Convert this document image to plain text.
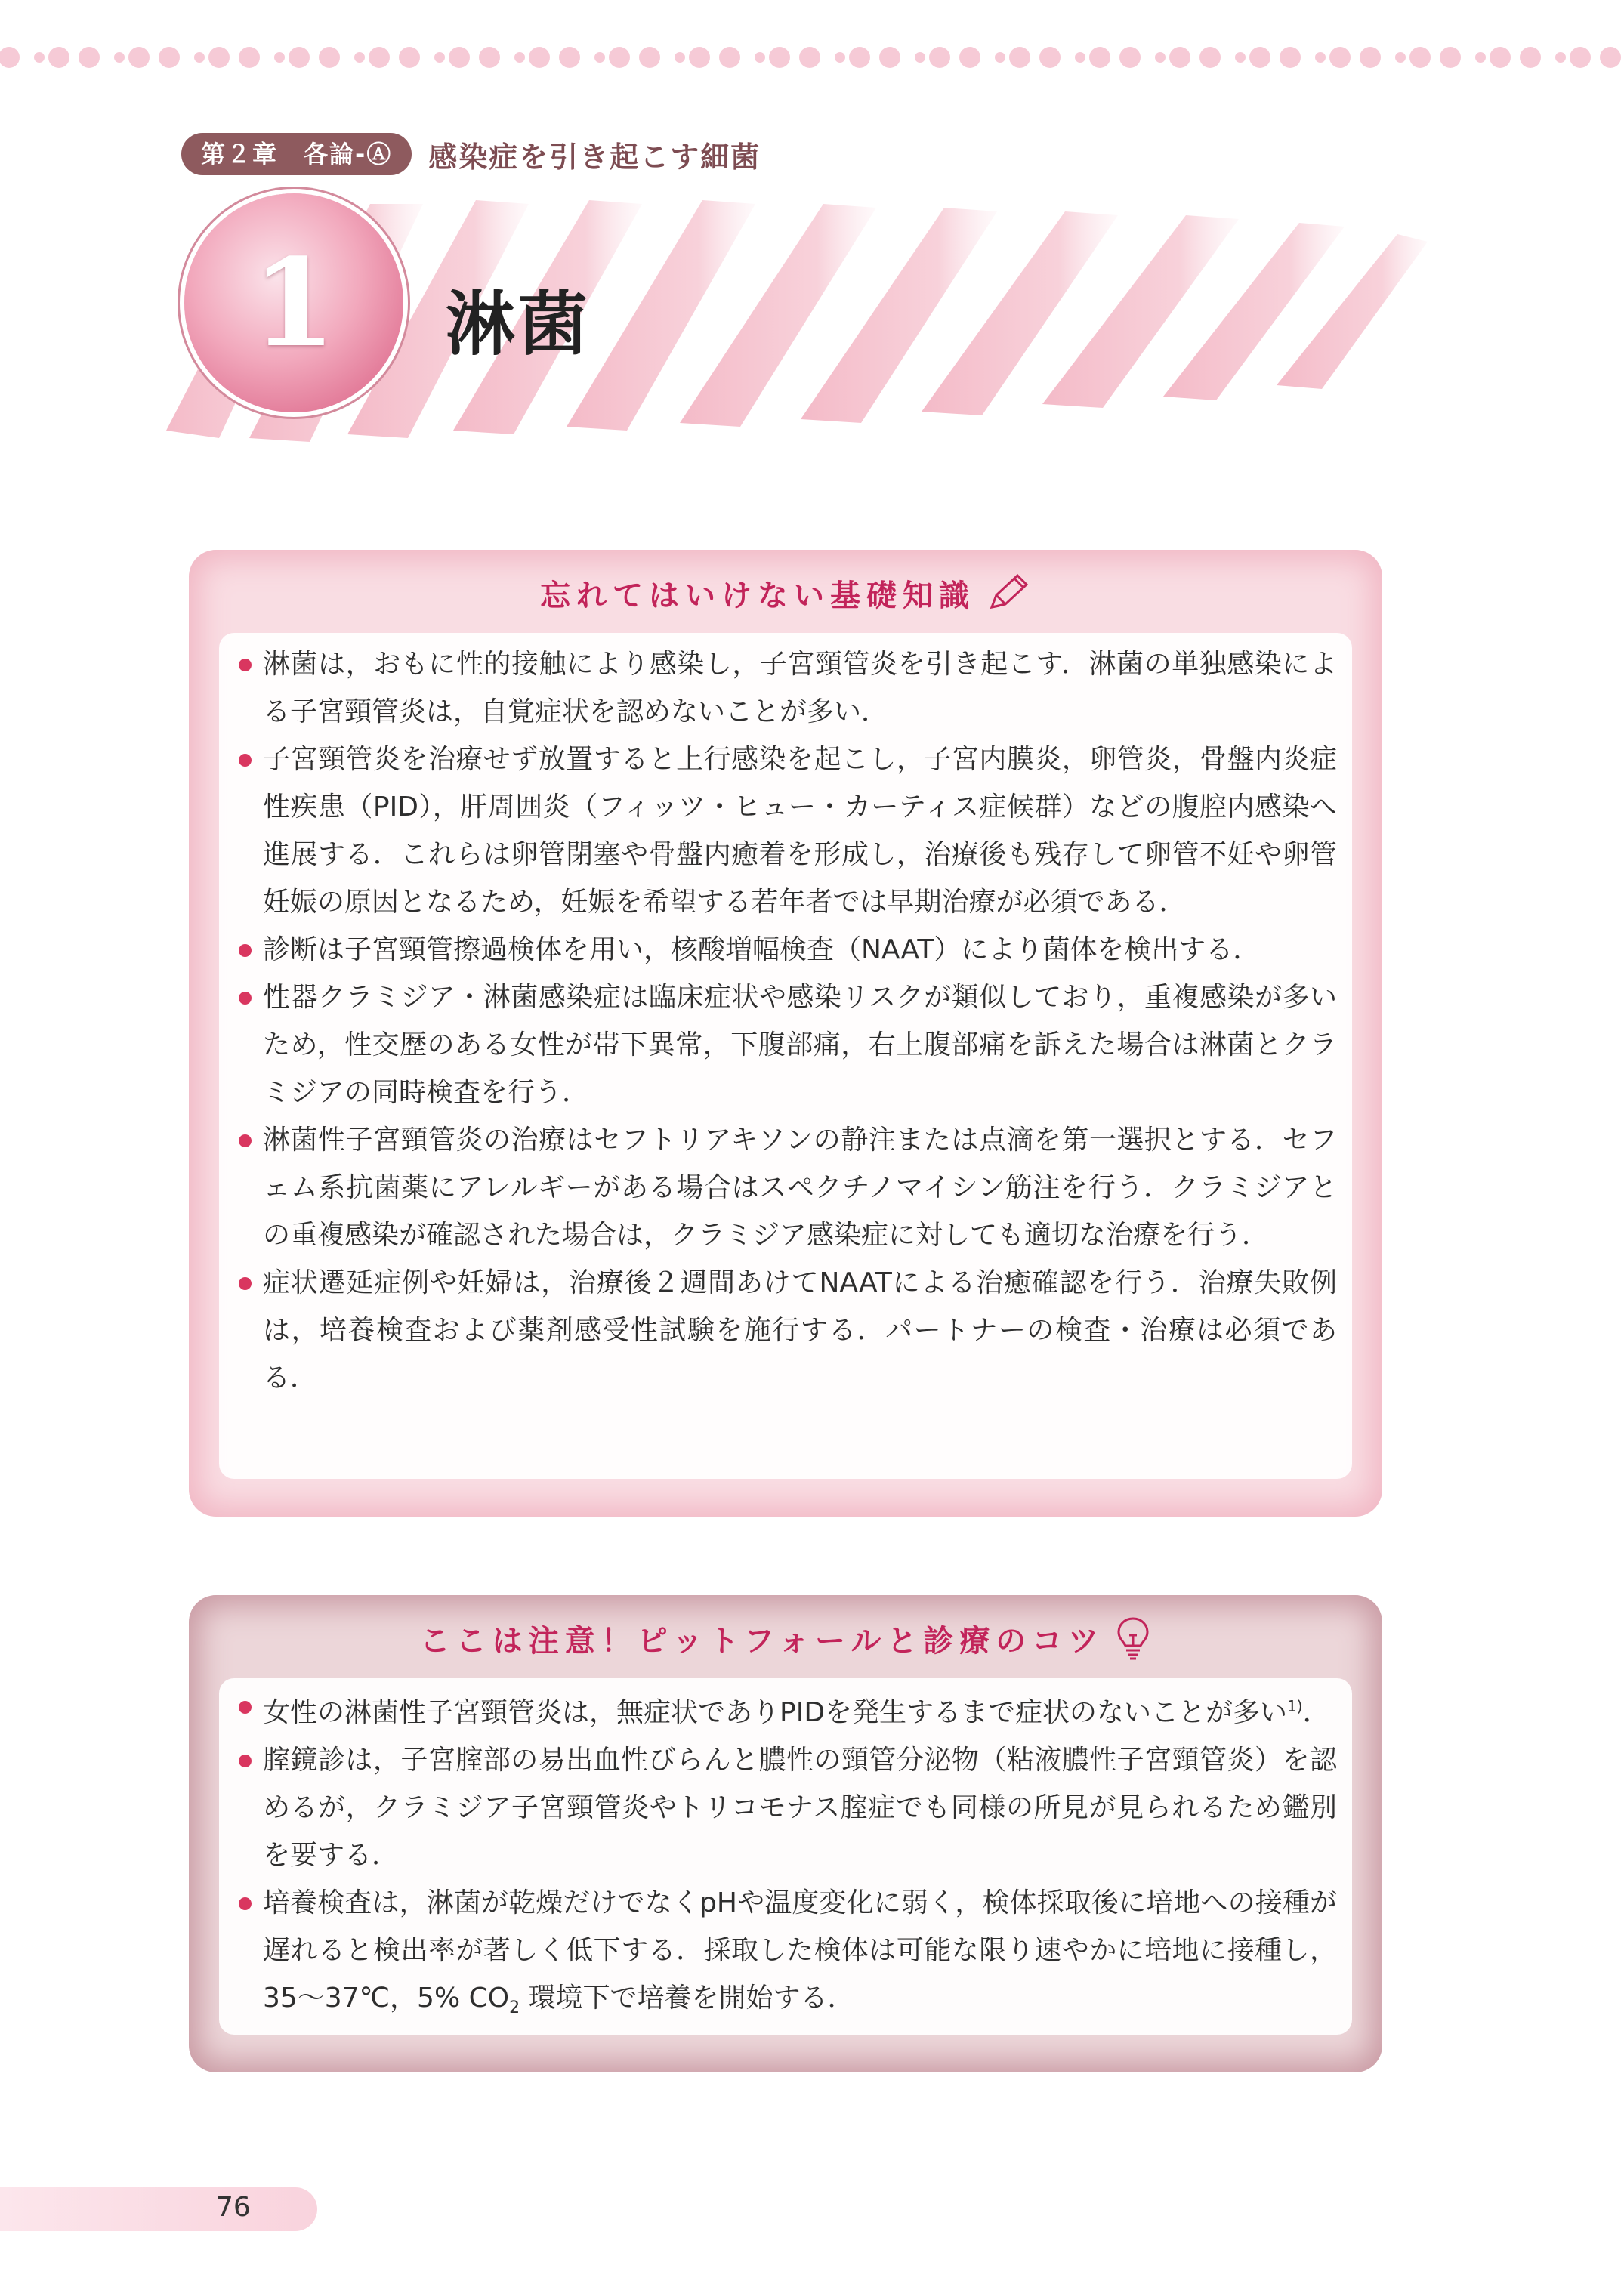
第２章　各論-Ⓐ	感染症を引き起こす細菌
1 淋菌
忘れてはいけない基礎知識
淋菌は，おもに性的接触により感染し，子宮頸管炎を引き起こす．淋菌の単独感染による子宮頸管炎は，自覚症状を認めないことが多い．
子宮頸管炎を治療せず放置すると上行感染を起こし，子宮内膜炎，卵管炎，骨盤内炎症性疾患（PID），肝周囲炎（フィッツ・ヒュー・カーティス症候群）などの腹腔内感染へ進展する．これらは卵管閉塞や骨盤内癒着を形成し，治療後も残存して卵管不妊や卵管妊娠の原因となるため，妊娠を希望する若年者では早期治療が必須である．
診断は子宮頸管擦過検体を用い，核酸増幅検査（NAAT）により菌体を検出する．
性器クラミジア・淋菌感染症は臨床症状や感染リスクが類似しており，重複感染が多いため，性交歴のある女性が帯下異常，下腹部痛，右上腹部痛を訴えた場合は淋菌とクラミジアの同時検査を行う．
淋菌性子宮頸管炎の治療はセフトリアキソンの静注または点滴を第一選択とする．セフェム系抗菌薬にアレルギーがある場合はスペクチノマイシン筋注を行う．クラミジアとの重複感染が確認された場合は，クラミジア感染症に対しても適切な治療を行う．
症状遷延症例や妊婦は，治療後２週間あけてNAATによる治癒確認を行う．治療失敗例は，培養検査および薬剤感受性試験を施行する．パートナーの検査・治療は必須である．
ここは注意！ピットフォールと診療のコツ
女性の淋菌性子宮頸管炎は，無症状でありPIDを発生するまで症状のないことが多い$^{1)}$．
腟鏡診は，子宮腟部の易出血性びらんと膿性の頸管分泌物（粘液膿性子宮頸管炎）を認めるが，クラミジア子宮頸管炎やトリコモナス腟症でも同様の所見が見られるため鑑別を要する．
培養検査は，淋菌が乾燥だけでなくpHや温度変化に弱く，検体採取後に培地への接種が遅れると検出率が著しく低下する．採取した検体は可能な限り速やかに培地に接種し，35〜37℃，5% $CO_2$ 環境下で培養を開始する．
76
